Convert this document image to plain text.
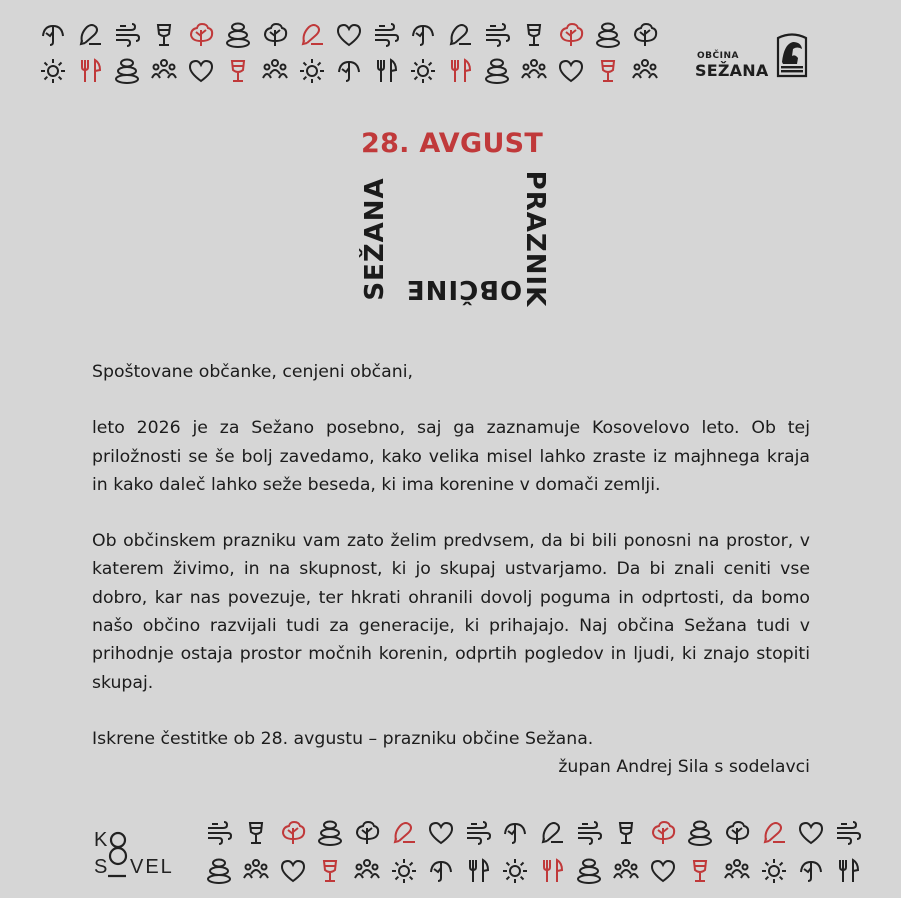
OBČINA
SEŽANA
28. AVGUST
SEŽANA	PRAZNIK
OBČINE

Spoštovane občanke, cenjeni občani,

leto 2026 je za Sežano posebno, saj ga zaznamuje Kosovelovo leto. Ob tej priložnosti se še bolj zavedamo, kako velika misel lahko zraste iz majhnega kraja in kako daleč lahko seže beseda, ki ima korenine v domači zemlji.

Ob občinskem prazniku vam zato želim predvsem, da bi bili ponosni na prostor, v katerem živimo, in na skupnost, ki jo skupaj ustvarjamo. Da bi znali ceniti vse dobro, kar nas povezuje, ter hkrati ohranili dovolj poguma in odprtosti, da bomo našo občino razvijali tudi za generacije, ki prihajajo. Naj občina Sežana tudi v prihodnje ostaja prostor močnih korenin, odprtih pogledov in ljudi, ki znajo stopiti skupaj.

Iskrene čestitke ob 28. avgustu – prazniku občine Sežana.

župan Andrej Sila s sodelavci

K
S VEL
